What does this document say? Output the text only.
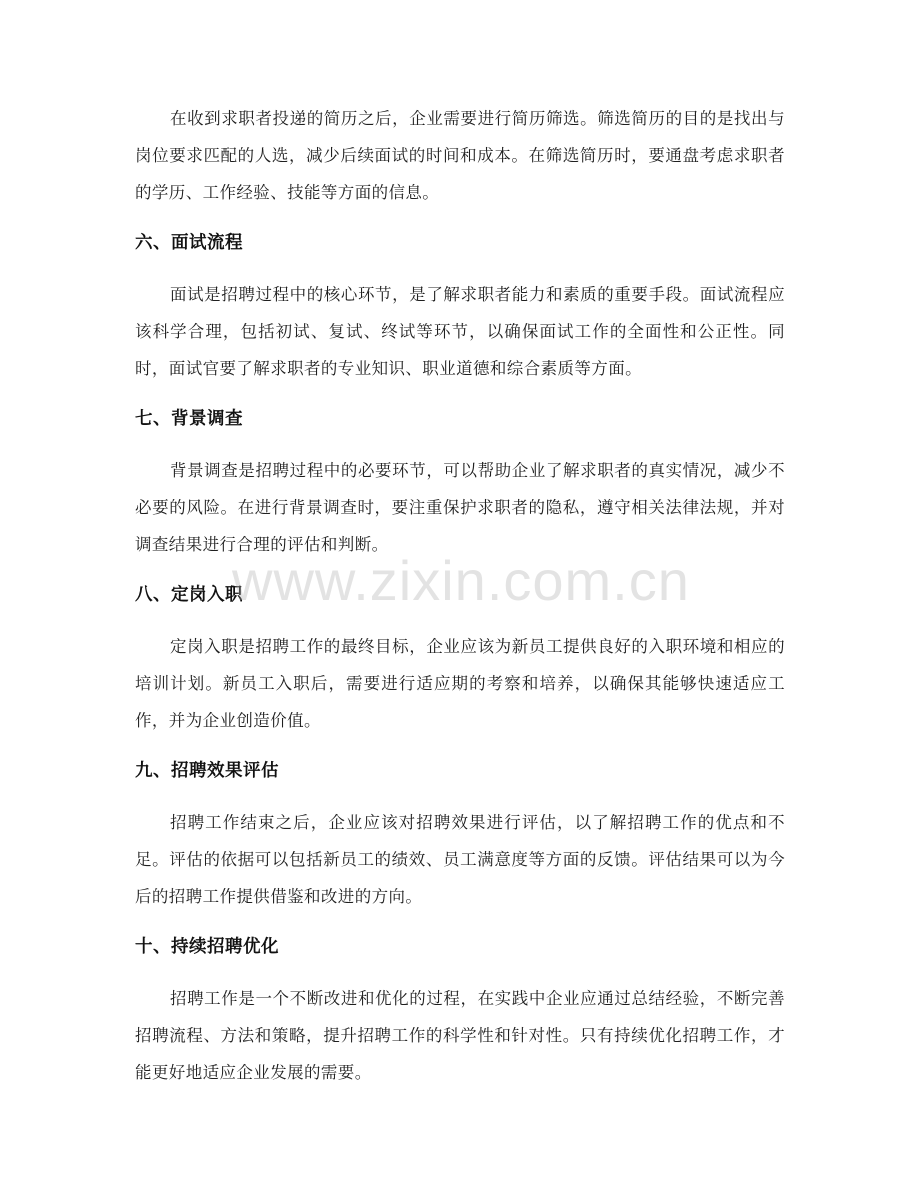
在收到求职者投递的简历之后，企业需要进行简历筛选。筛选简历的目的是找出与岗位要求匹配的人选，减少后续面试的时间和成本。在筛选简历时，要通盘考虑求职者的学历、工作经验、技能等方面的信息。

六、面试流程

面试是招聘过程中的核心环节，是了解求职者能力和素质的重要手段。面试流程应该科学合理，包括初试、复试、终试等环节，以确保面试工作的全面性和公正性。同时，面试官要了解求职者的专业知识、职业道德和综合素质等方面。

七、背景调查

背景调查是招聘过程中的必要环节，可以帮助企业了解求职者的真实情况，减少不必要的风险。在进行背景调查时，要注重保护求职者的隐私，遵守相关法律法规，并对调查结果进行合理的评估和判断。

八、定岗入职

定岗入职是招聘工作的最终目标，企业应该为新员工提供良好的入职环境和相应的培训计划。新员工入职后，需要进行适应期的考察和培养，以确保其能够快速适应工作，并为企业创造价值。

九、招聘效果评估

招聘工作结束之后，企业应该对招聘效果进行评估，以了解招聘工作的优点和不足。评估的依据可以包括新员工的绩效、员工满意度等方面的反馈。评估结果可以为今后的招聘工作提供借鉴和改进的方向。

十、持续招聘优化

招聘工作是一个不断改进和优化的过程，在实践中企业应通过总结经验，不断完善招聘流程、方法和策略，提升招聘工作的科学性和针对性。只有持续优化招聘工作，才能更好地适应企业发展的需要。

www.zixin.com.cn
